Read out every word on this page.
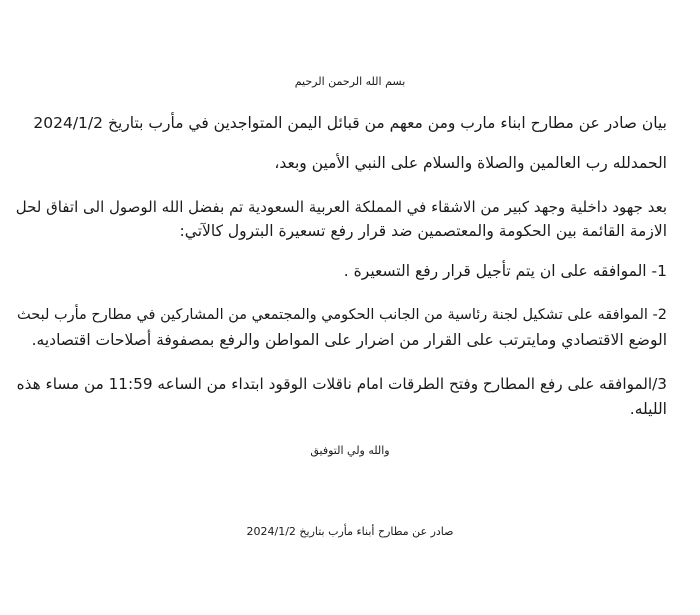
بسم الله الرحمن الرحيم
بيان صادر عن مطارح ابناء مارب ومن معهم من قبائل اليمن المتواجدين في مأرب بتاريخ 2024/1/2
الحمدلله رب العالمين والصلاة والسلام على النبي الأمين وبعد،
بعد جهود داخلية وجهد كبير من الاشقاء في المملكة العربية السعودية تم بفضل الله الوصول الى اتفاق لحل
الازمة القائمة بين الحكومة والمعتصمين ضد قرار رفع تسعيرة البترول كالآتي:
1- الموافقه على ان يتم تأجيل قرار رفع التسعيرة .
2- الموافقه على تشكيل لجنة رئاسية من الجانب الحكومي والمجتمعي من المشاركين في مطارح مأرب لبحث
الوضع الاقتصادي ومايترتب على القرار من اضرار على المواطن والرفع بمصفوفة أصلاحات اقتصاديه.
3/الموافقه على رفع المطارح وفتح الطرقات امام ناقلات الوقود ابتداء من الساعه 11:59 من مساء هذه
الليله.
والله ولي التوفيق
صادر عن مطارح أبناء مأرب بتاريخ 2024/1/2
